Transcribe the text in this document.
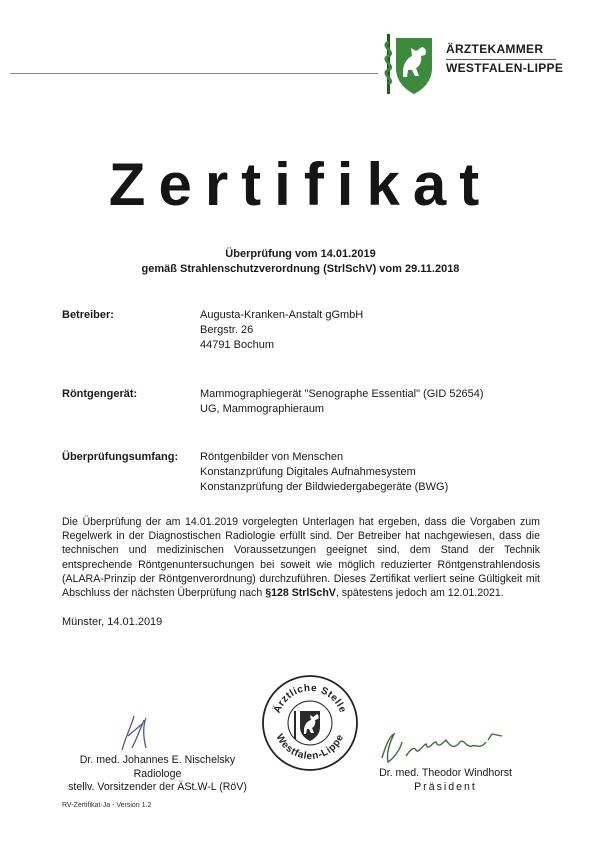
ÄRZTEKAMMER
WESTFALEN-LIPPE
Zertifikat
Überprüfung vom 14.01.2019
gemäß Strahlenschutzverordnung (StrlSchV) vom 29.11.2018
Betreiber:	Augusta-Kranken-Anstalt gGmbH
Bergstr. 26
44791 Bochum
Röntgengerät:	Mammographiegerät "Senographe Essential" (GID 52654)
UG, Mammographieraum
Überprüfungsumfang: Röntgenbilder von Menschen
Konstanzprüfung Digitales Aufnahmesystem
Konstanzprüfung der Bildwiedergabegeräte (BWG)
Die Überprüfung der am 14.01.2019 vorgelegten Unterlagen hat ergeben, dass die Vorgaben zum Regelwerk in der Diagnostischen Radiologie erfüllt sind. Der Betreiber hat nachgewiesen, dass die technischen und medizinischen Voraussetzungen geeignet sind, dem Stand der Technik entsprechende Röntgenuntersuchungen bei soweit wie möglich reduzierter Röntgenstrahlendosis (ALARA-Prinzip der Röntgenverordnung) durchzuführen. Dieses Zertifikat verliert seine Gültigkeit mit Abschluss der nächsten Überprüfung nach §128 StrlSchV, spätestens jedoch am 12.01.2021.
Münster, 14.01.2019
Dr. med. Johannes E. Nischelsky
Radiologe
stellv. Vorsitzender der ÄSt.W-L (RöV)
Ärztliche Stelle
Westfalen-Lippe
Dr. med. Theodor Windhorst
Präsident
RV-Zertifikat-Ja - Version 1.2
